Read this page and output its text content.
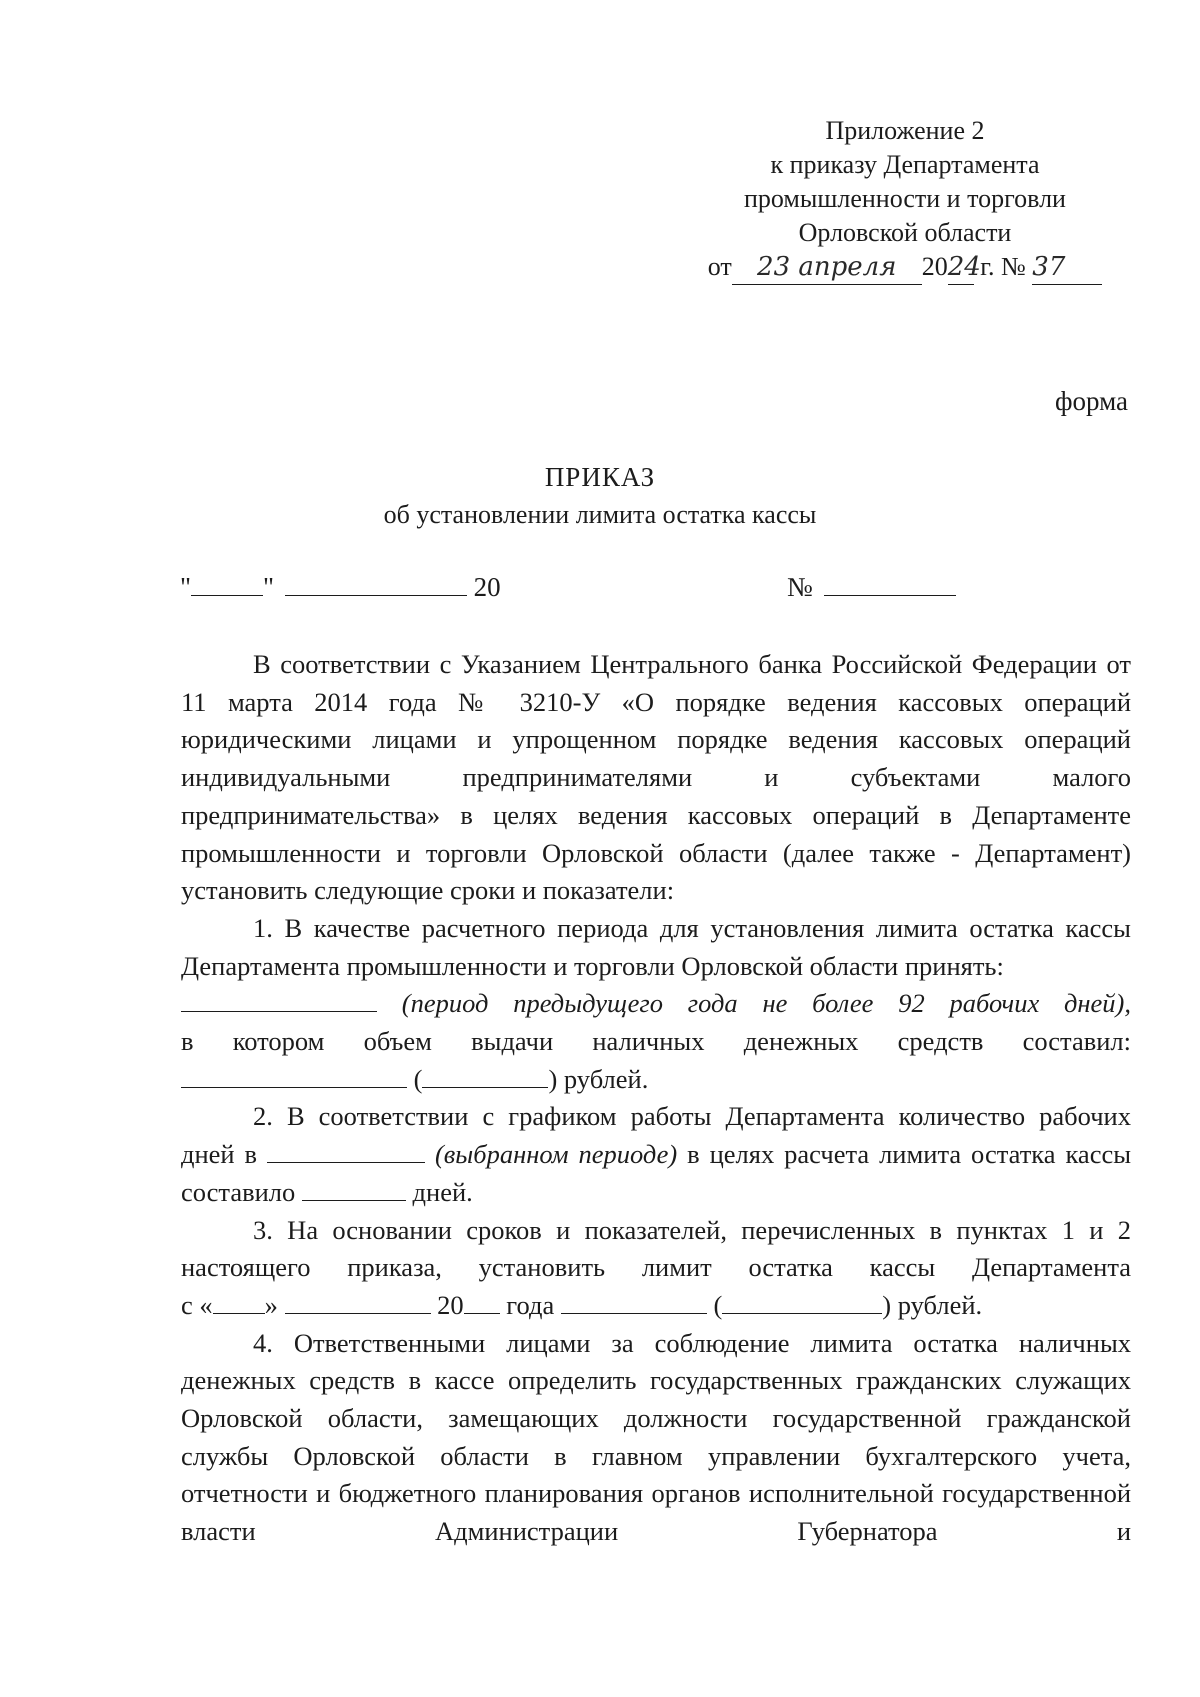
Приложение 2
к приказу Департамента
промышленности и торговли
Орловской области
от 23 апреля 2024 г. № 37
форма
ПРИКАЗ
об установлении лимита остатка кассы
"	"	20	№

В соответствии с Указанием Центрального банка Российской Федерации от 11 марта 2014 года № 3210-У «О порядке ведения кассовых операций юридическими лицами и упрощенном порядке ведения кассовых операций индивидуальными предпринимателями и субъектами малого предпринимательства» в целях ведения кассовых операций в Департаменте промышленности и торговли Орловской области (далее также - Департамент) установить следующие сроки и показатели:

1. В качестве расчетного периода для установления лимита остатка кассы Департамента промышленности и торговли Орловской области принять:

(период предыдущего года не более 92 рабочих дней),

в котором объем выдачи наличных денежных средств составил:

(	) рублей.

2. В соответствии с графиком работы Департамента количество рабочих дней в	(выбранном периоде) в целях расчета лимита остатка кассы составило	дней.

3. На основании сроков и показателей, перечисленных в пунктах 1 и 2 настоящего приказа, установить лимит остатка кассы Департамента

с « »	20 года	(	) рублей.

4. Ответственными лицами за соблюдение лимита остатка наличных денежных средств в кассе определить государственных гражданских служащих Орловской области, замещающих должности государственной гражданской службы Орловской области в главном управлении бухгалтерского учета, отчетности и бюджетного планирования органов исполнительной государственной власти Администрации Губернатора и
